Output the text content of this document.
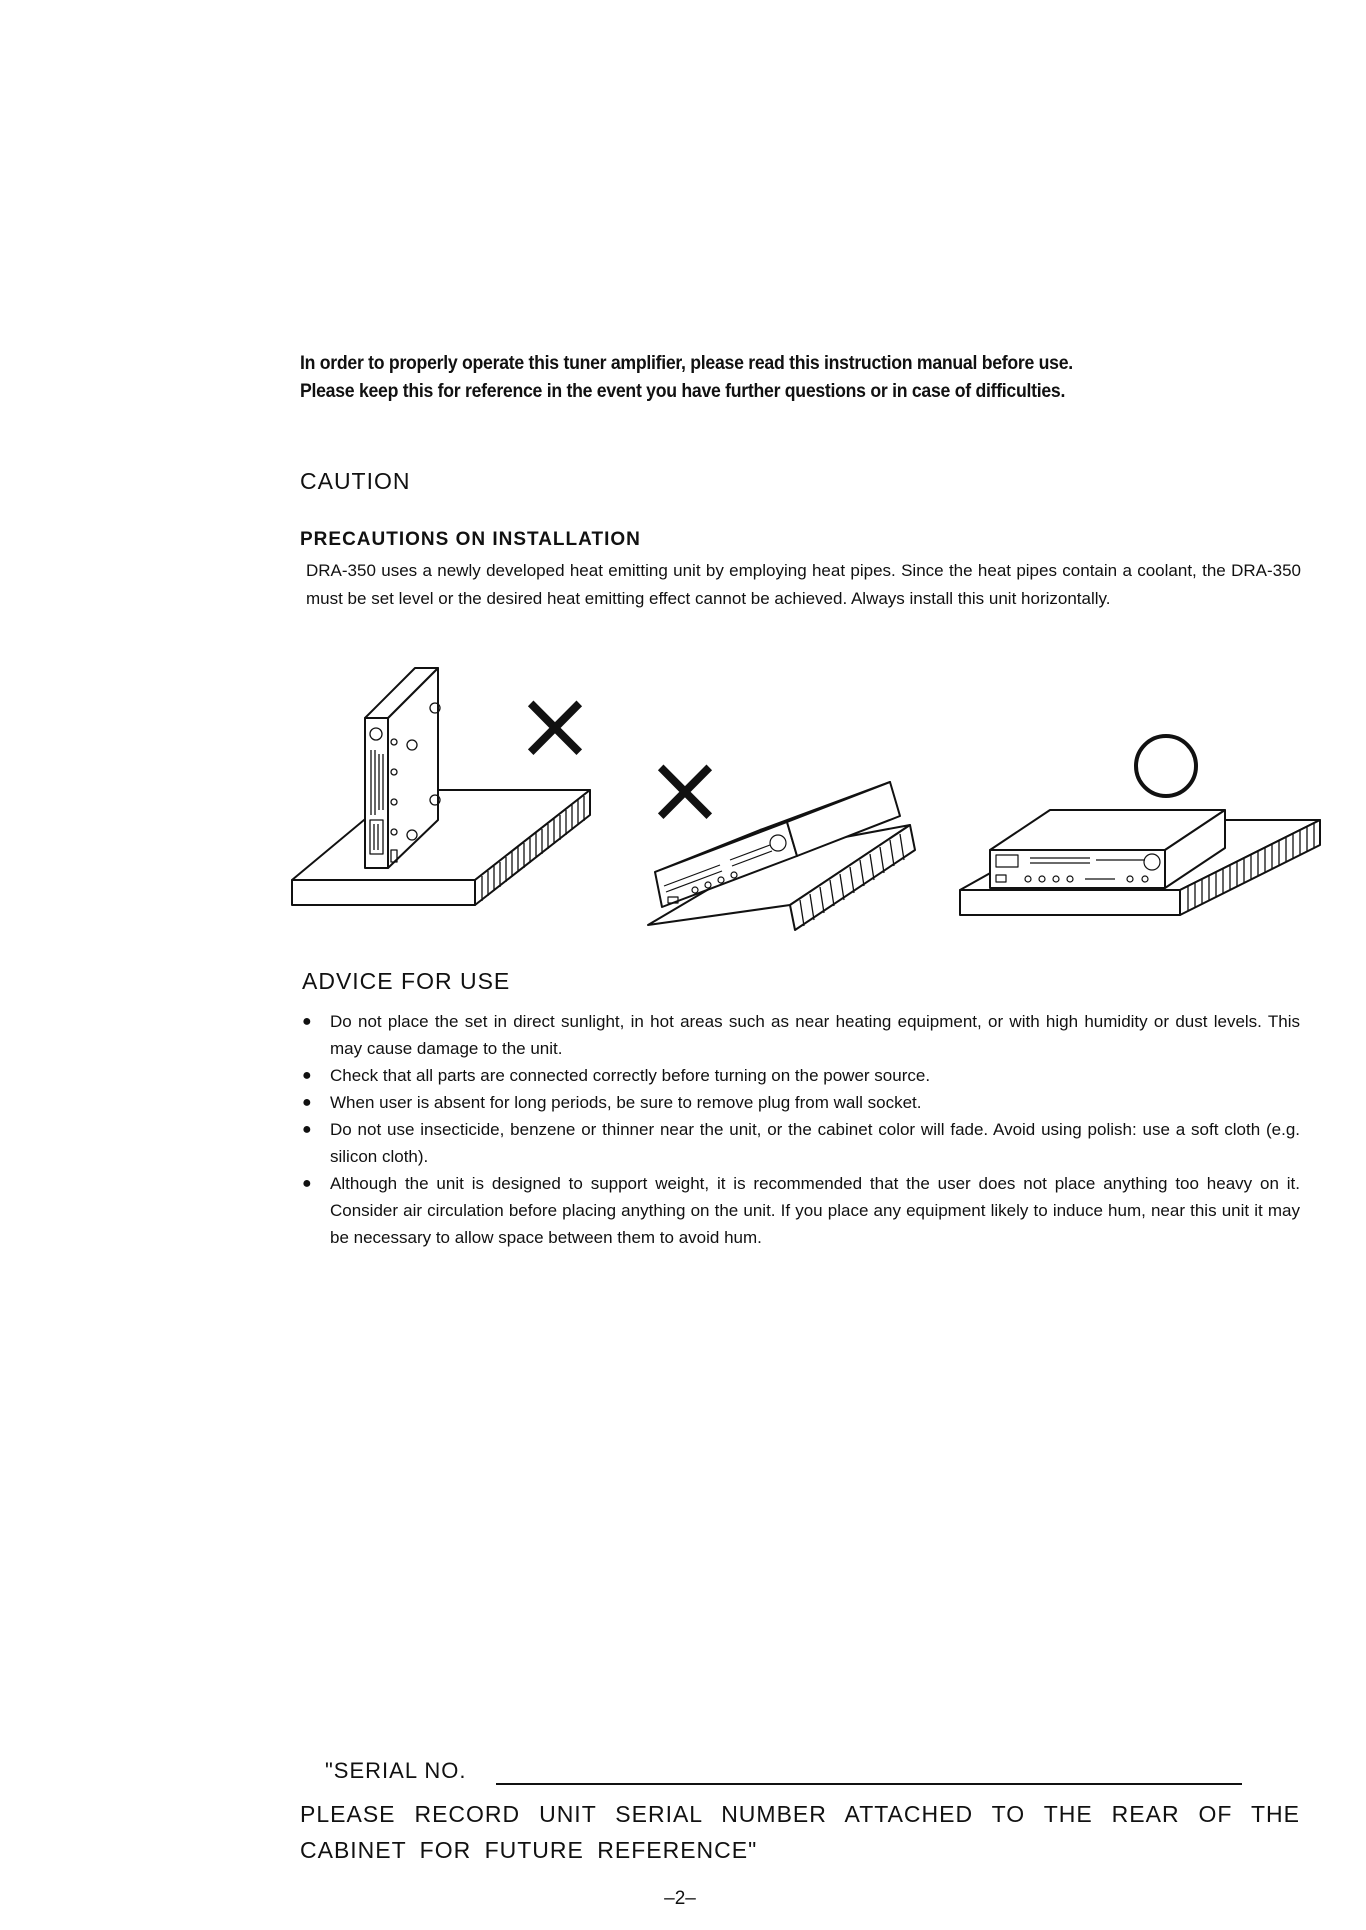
In order to properly operate this tuner amplifier, please read this instruction manual before use.
Please keep this for reference in the event you have further questions or in case of difficulties.
CAUTION
PRECAUTIONS ON INSTALLATION
DRA-350 uses a newly developed heat emitting unit by employing heat pipes. Since the heat pipes contain a coolant, the DRA-350 must be set level or the desired heat emitting effect cannot be achieved. Always install this unit horizontally.
×
×
ADVICE FOR USE
● Do not place the set in direct sunlight, in hot areas such as near heating equipment, or with high humidity or dust levels. This may cause damage to the unit.
● Check that all parts are connected correctly before turning on the power source.
● When user is absent for long periods, be sure to remove plug from wall socket.
● Do not use insecticide, benzene or thinner near the unit, or the cabinet color will fade. Avoid using polish: use a soft cloth (e.g. silicon cloth).
● Although the unit is designed to support weight, it is recommended that the user does not place anything too heavy on it. Consider air circulation before placing anything on the unit. If you place any equipment likely to induce hum, near this unit it may be necessary to allow space between them to avoid hum.
"SERIAL NO.
PLEASE RECORD UNIT SERIAL NUMBER ATTACHED TO THE REAR OF THE CABINET FOR FUTURE REFERENCE"
–2–
